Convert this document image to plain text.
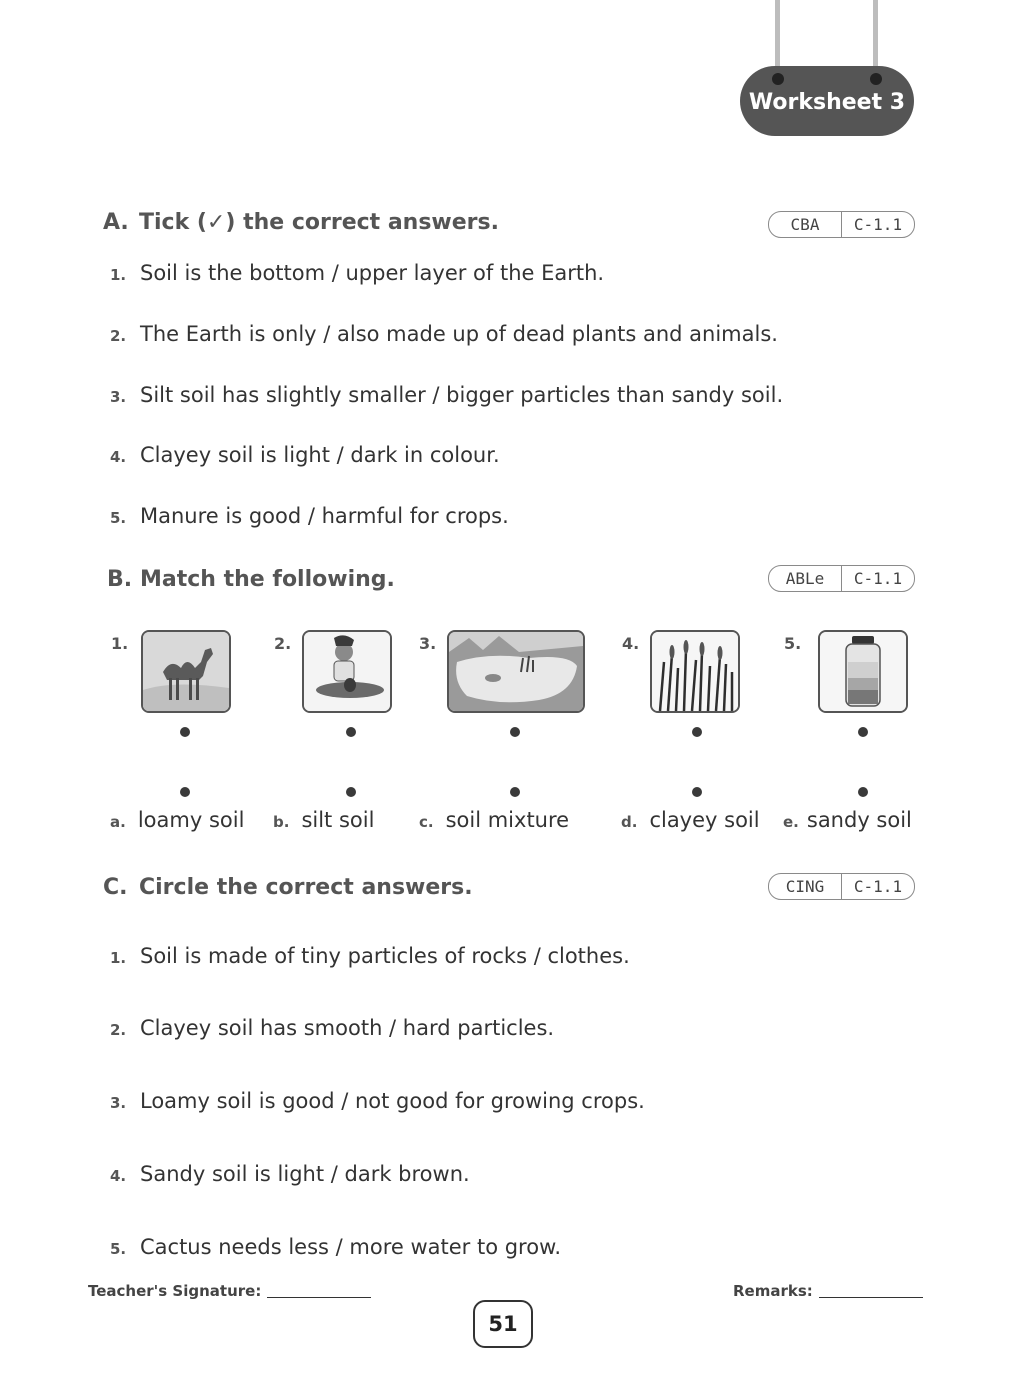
Worksheet 3
A. Tick (✓) the correct answers.	CBA	C-1.1
1. Soil is the bottom / upper layer of the Earth.
2. The Earth is only / also made up of dead plants and animals.
3. Silt soil has slightly smaller / bigger particles than sandy soil.
4. Clayey soil is light / dark in colour.
5. Manure is good / harmful for crops.
B. Match the following.	ABLe	C-1.1
1.	2.	3.	4.	5.
a. loamy soil b. silt soil	c. soil mixture	d. clayey soil e. sandy soil
C. Circle the correct answers.	CING	C-1.1
1. Soil is made of tiny particles of rocks / clothes.
2. Clayey soil has smooth / hard particles.
3. Loamy soil is good / not good for growing crops.
4. Sandy soil is light / dark brown.
5. Cactus needs less / more water to grow.
Teacher's Signature:	Remarks:
51
